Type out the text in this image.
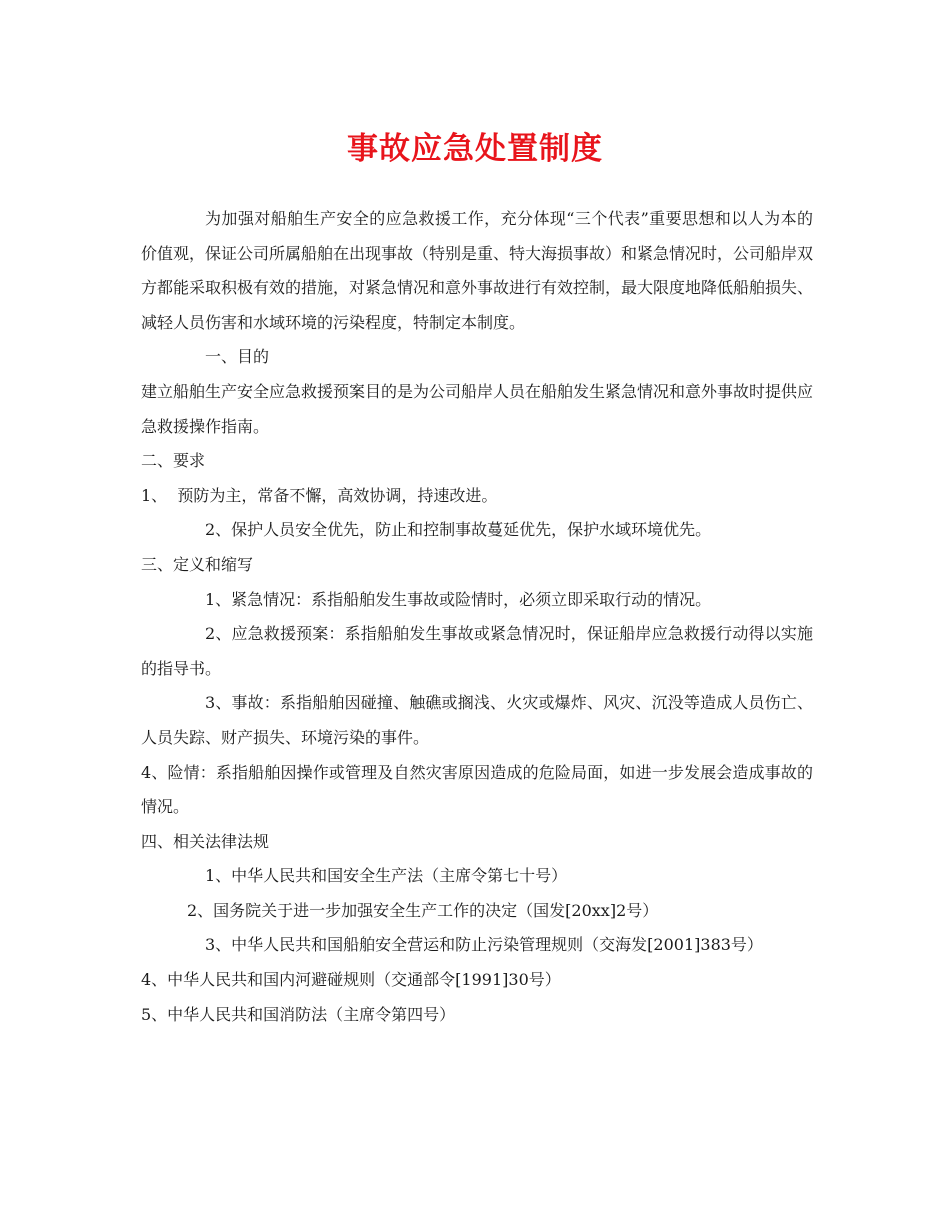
事故应急处置制度

为加强对船舶生产安全的应急救援工作，充分体现“三个代表”重要思想和以人为本的价值观，保证公司所属船舶在出现事故（特别是重、特大海损事故）和紧急情况时，公司船岸双方都能采取积极有效的措施，对紧急情况和意外事故进行有效控制，最大限度地降低船舶损失、减轻人员伤害和水域环境的污染程度，特制定本制度。

一、目的

建立船舶生产安全应急救援预案目的是为公司船岸人员在船舶发生紧急情况和意外事故时提供应急救援操作指南。

二、要求

1、  预防为主，常备不懈，高效协调，持速改进。

2、保护人员安全优先，防止和控制事故蔓延优先，保护水域环境优先。

三、定义和缩写

1、紧急情况：系指船舶发生事故或险情时，必须立即采取行动的情况。

2、应急救援预案：系指船舶发生事故或紧急情况时，保证船岸应急救援行动得以实施的指导书。

3、事故：系指船舶因碰撞、触礁或搁浅、火灾或爆炸、风灾、沉没等造成人员伤亡、人员失踪、财产损失、环境污染的事件。

4、险情：系指船舶因操作或管理及自然灾害原因造成的危险局面，如进一步发展会造成事故的情况。

四、相关法律法规

1、中华人民共和国安全生产法（主席令第七十号）

2、国务院关于进一步加强安全生产工作的决定（国发[20xx]2号）

3、中华人民共和国船舶安全营运和防止污染管理规则（交海发[2001]383号）

4、中华人民共和国内河避碰规则（交通部令[1991]30号）

5、中华人民共和国消防法（主席令第四号）
